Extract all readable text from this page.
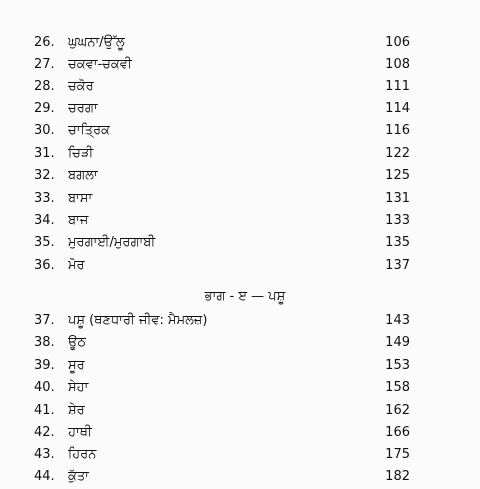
26.	ਘੁਘਨਾ/ਉੱਲੂ	106
27.	ਚਕਵਾ-ਚਕਵੀ	108
28.	ਚਕੋਰ	111
29.	ਚਰਗਾ	114
30.	ਚਾਤ੍ਰਿਕ	116
31.	ਚਿੜੀ	122
32.	ਬਗਲਾ	125
33.	ਬਾਸਾ	131
34.	ਬਾਜ	133
35.	ਮੁਰਗਾਈ/ਮੁਰਗਾਬੀ	135
36.	ਮੋਰ	137
ਭਾਗ - ੲ — ਪਸ਼ੂ
37.	ਪਸ਼ੂ (ਥਣਧਾਰੀ ਜੀਵ: ਮੈਮਲਜ਼)	143
38.	ਊਠ	149
39.	ਸੂਰ	153
40.	ਸੇਹਾ	158
41.	ਸ਼ੇਰ	162
42.	ਹਾਥੀ	166
43.	ਹਿਰਨ	175
44.	ਕੁੱਤਾ	182
